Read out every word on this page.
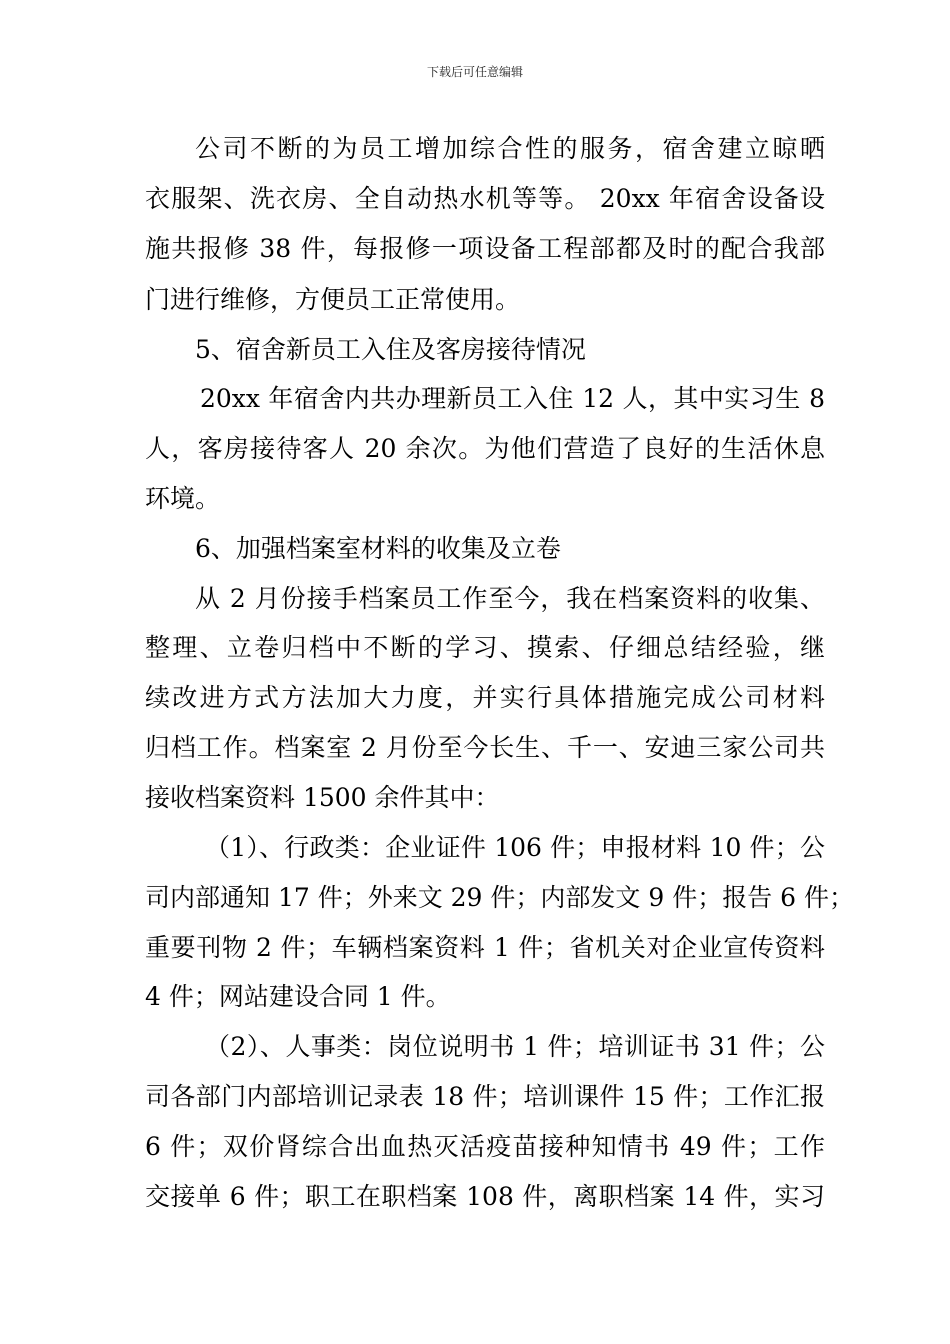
下载后可任意编辑
公司不断的为员工增加综合性的服务，宿舍建立晾晒
衣服架、洗衣房、全自动热水机等等。 20xx 年宿舍设备设
施共报修 38 件，每报修一项设备工程部都及时的配合我部
门进行维修，方便员工正常使用。
5、宿舍新员工入住及客房接待情况
20xx 年宿舍内共办理新员工入住 12 人，其中实习生 8
人，客房接待客人 20 余次。为他们营造了良好的生活休息
环境。
6、加强档案室材料的收集及立卷
从 2 月份接手档案员工作至今，我在档案资料的收集、
整理、立卷归档中不断的学习、摸索、仔细总结经验，继
续改进方式方法加大力度，并实行具体措施完成公司材料
归档工作。档案室 2 月份至今长生、千一、安迪三家公司共
接收档案资料 1500 余件其中：
（1）、行政类：企业证件 106 件；申报材料 10 件；公
司内部通知 17 件；外来文 29 件；内部发文 9 件；报告 6 件；
重要刊物 2 件；车辆档案资料 1 件；省机关对企业宣传资料
4 件；网站建设合同 1 件。
（2）、人事类：岗位说明书 1 件；培训证书 31 件；公
司各部门内部培训记录表 18 件；培训课件 15 件；工作汇报
6 件；双价肾综合出血热灭活疫苗接种知情书 49 件；工作
交接单 6 件；职工在职档案 108 件，离职档案 14 件，实习
